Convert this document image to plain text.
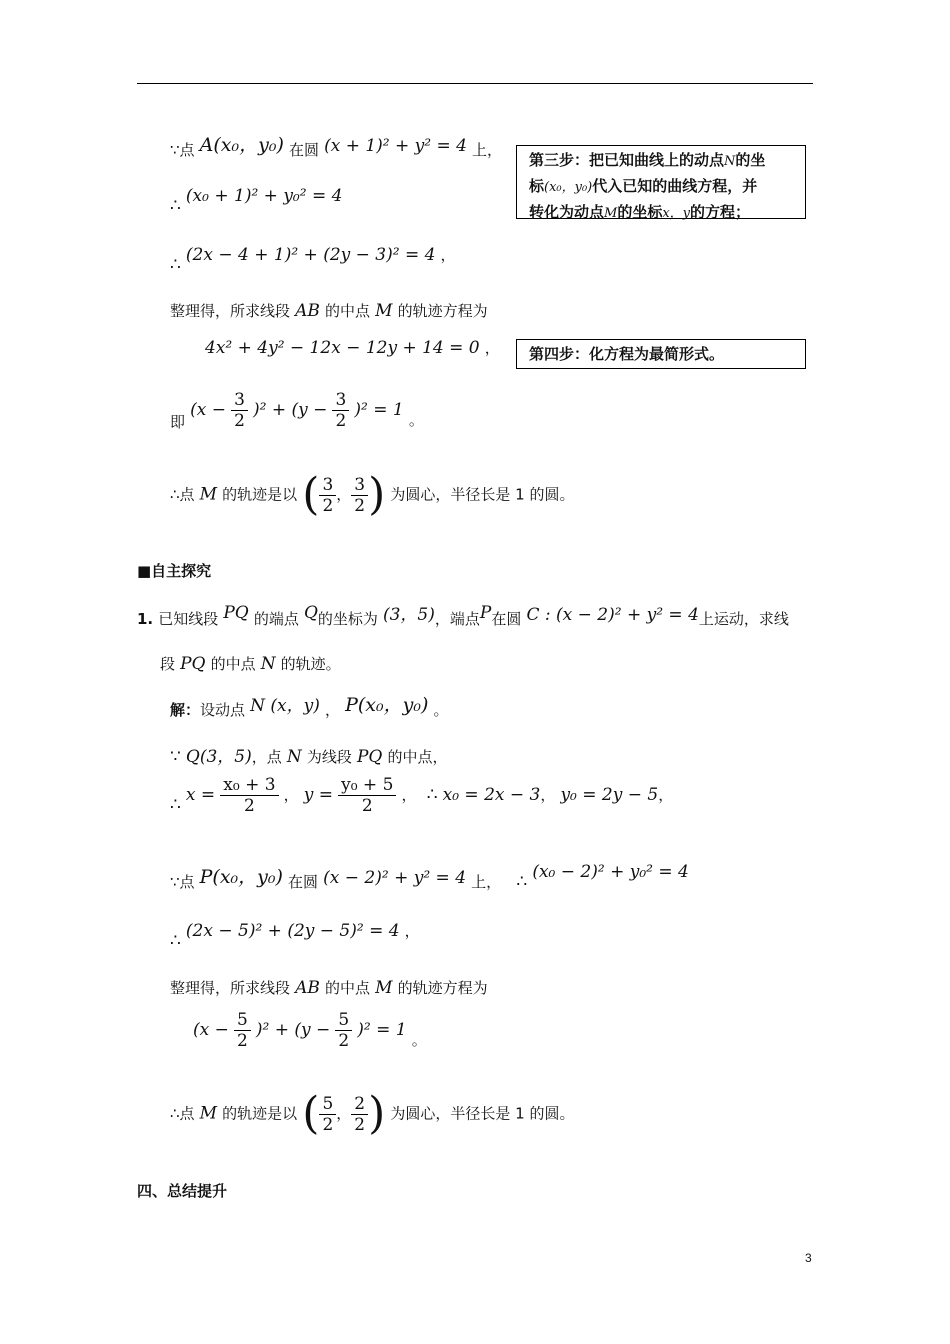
∵点 A(x₀，y₀) 在圆 (x + 1)² + y² = 4 上，
∴ (x₀ + 1)² + y₀² = 4
∴ (2x − 4 + 1)² + (2y − 3)² = 4 ，
整理得，所求线段 AB 的中点 M 的轨迹方程为
4x² + 4y² − 12x − 12y + 14 = 0 ，
即 $(x - \frac{3}{2} )^2 + (y - \frac{3}{2} )^2 = 1$ 。
∴点 M 的轨迹是以 ( $\frac{3}{2}$ ， $\frac{3}{2}$ ) 为圆心，半径长是 1 的圆。
第三步：把已知曲线上的动点N的坐
标(x₀，y₀)代入已知的曲线方程，并
转化为动点M的坐标x，y的方程；
第四步：化方程为最简形式。
■自主探究
1. 已知线段 PQ 的端点 Q的坐标为 (3，5)，端点P在圆 C : (x − 2)² + y² = 4上运动，求线
段 PQ 的中点 N 的轨迹。
解：设动点 N (x，y) ， P(x₀，y₀) 。
∵ Q(3，5)，点 N 为线段 PQ 的中点，
∴ $x = \frac{\text{x₀ + 3}}{2}$ ， $y = \frac{\text{y₀ + 5}}{2}$ ， ∴ x₀ = 2x − 3， y₀ = 2y − 5，
∵点 P(x₀，y₀) 在圆 (x − 2)² + y² = 4 上， ∴ (x₀ − 2)² + y₀² = 4
∴ (2x − 5)² + (2y − 5)² = 4 ，
整理得，所求线段 AB 的中点 M 的轨迹方程为
$(x - \frac{5}{2} )^2 + (y - \frac{5}{2} )^2 = 1$ 。
∴点 M 的轨迹是以 ( $\frac{5}{2}$ ， $\frac{2}{2}$ ) 为圆心，半径长是 1 的圆。
四、总结提升
3
